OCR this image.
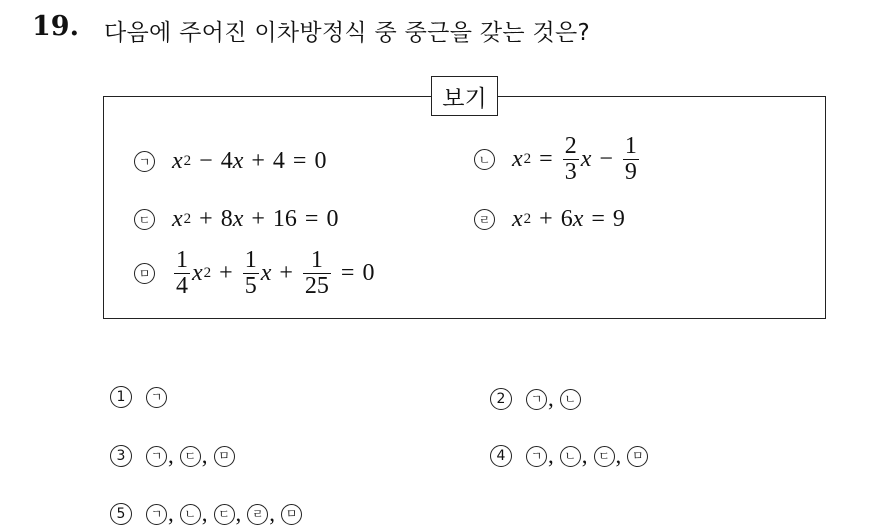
19. 다음에 주어진 이차방정식 중 중근을 갖는 것은?
보기
ㄱ x 2 − 4 x + 4 = 0	ㄴ x $2 = \frac{2}{3}$ $x - \frac{1}{9}$
ㄷ x 2 + 8 x + 16 = 0	ㄹ x 2 + 6 x = 9
ㅁ $\frac{1}{4}$ x $2 + \frac{1}{5}$ $x + \frac{1}{25} = 0$
1	ㄱ	2	ㄱ , ㄴ
3	ㄱ , ㄷ , ㅁ	4	ㄱ , ㄴ , ㄷ , ㅁ
5	ㄱ , ㄴ , ㄷ , ㄹ , ㅁ
